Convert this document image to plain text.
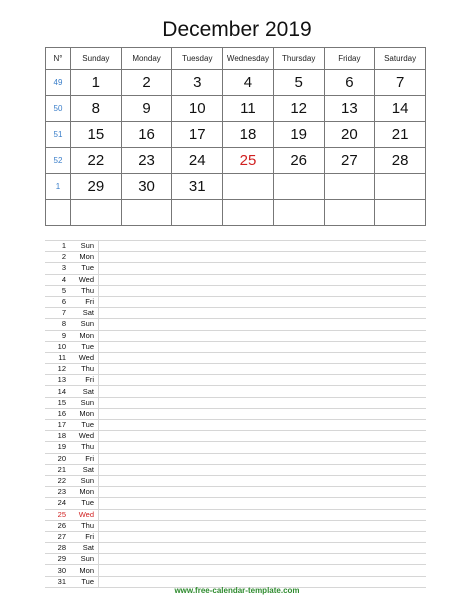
December 2019
N°	Sunday	Monday	Tuesday	Wednesday	Thursday	Friday	Saturday
49	1	2	3	4	5	6	7
50	8	9	10	11	12	13	14
51	15	16	17	18	19	20	21
52	22	23	24	25	26	27	28
1	29	30	31				

1	Sun	
2	Mon	
3	Tue	
4	Wed	
5	Thu	
6	Fri	
7	Sat	
8	Sun	
9	Mon	
10	Tue	
11	Wed	
12	Thu	
13	Fri	
14	Sat	
15	Sun	
16	Mon	
17	Tue	
18	Wed	
19	Thu	
20	Fri	
21	Sat	
22	Sun	
23	Mon	
24	Tue	
25	Wed	
26	Thu	
27	Fri	
28	Sat	
29	Sun	
30	Mon	
31	Tue	
www.free-calendar-template.com
